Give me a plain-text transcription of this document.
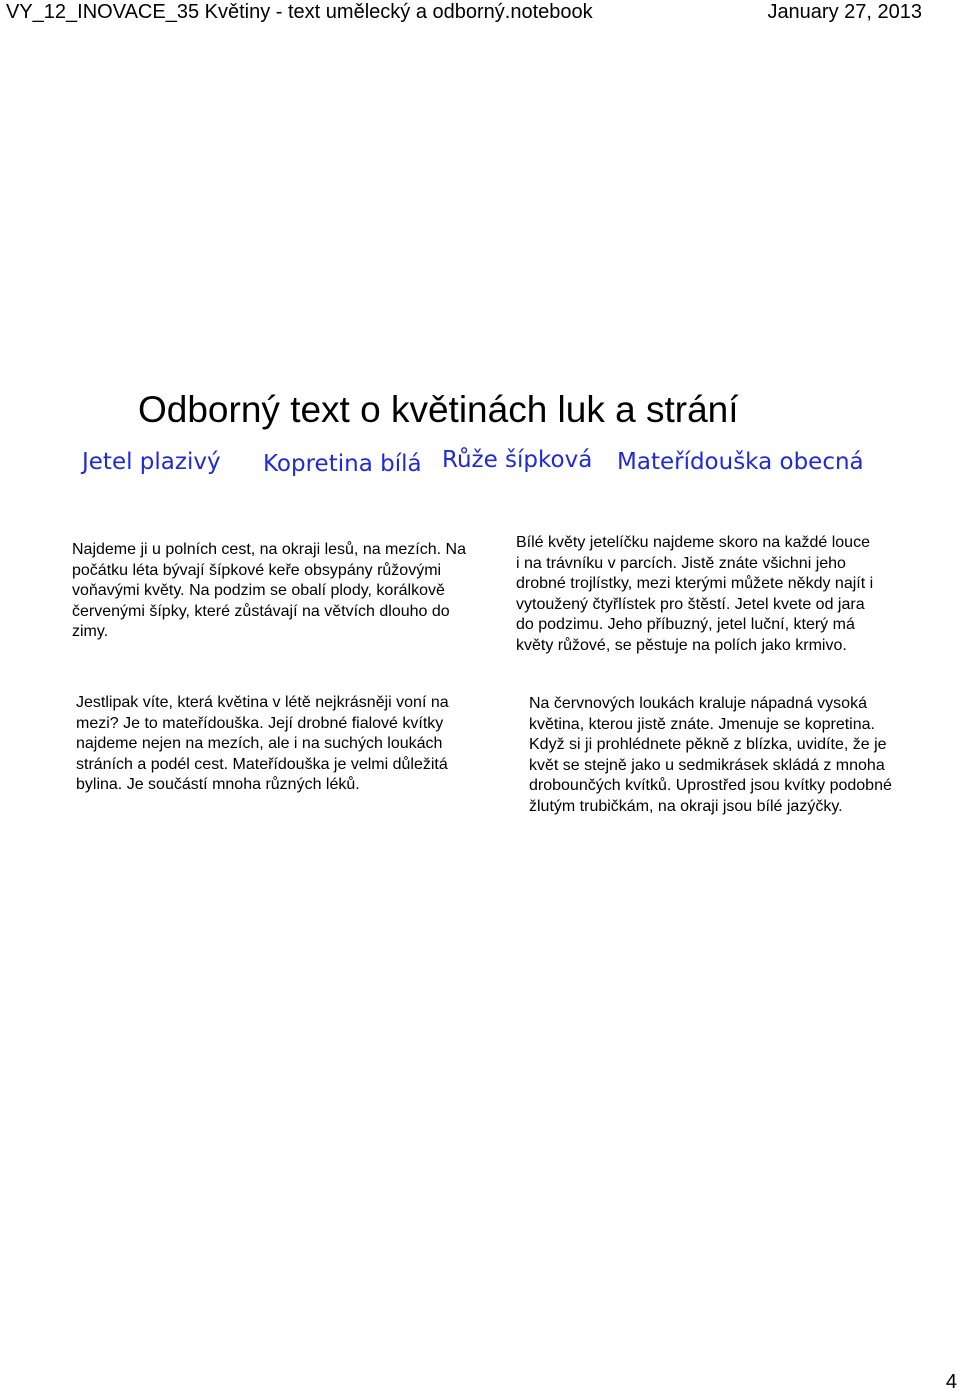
VY_12_INOVACE_35 Květiny - text umělecký a odborný.notebook	January 27, 2013
Odborný text o květinách luk a strání
Jetel plazivý Kopretina bílá Růže šípková Mateřídouška obecná
Najdeme ji u polních cest, na okraji lesů, na mezích. Na
počátku léta bývají šípkové keře obsypány růžovými
voňavými květy. Na podzim se obalí plody, korálkově
červenými šípky, které zůstávají na větvích dlouho do
zimy.
Bílé květy jetelíčku najdeme skoro na každé louce
i na trávníku v parcích. Jistě znáte všichni jeho
drobné trojlístky, mezi kterými můžete někdy najít i
vytoužený čtyřlístek pro štěstí. Jetel kvete od jara
do podzimu. Jeho příbuzný, jetel luční, který má
květy růžové, se pěstuje na polích jako krmivo.
Jestlipak víte, která květina v létě nejkrásněji voní na
mezi? Je to mateřídouška. Její drobné fialové kvítky
najdeme nejen na mezích, ale i na suchých loukách
stráních a podél cest. Mateřídouška je velmi důležitá
bylina. Je součástí mnoha různých léků.
Na červnových loukách kraluje nápadná vysoká
květina, kterou jistě znáte. Jmenuje se kopretina.
Když si ji prohlédnete pěkně z blízka, uvidíte, že je
květ se stejně jako u sedmikrásek skládá z mnoha
drobounčých kvítků. Uprostřed jsou kvítky podobné
žlutým trubičkám, na okraji jsou bílé jazýčky.
4
